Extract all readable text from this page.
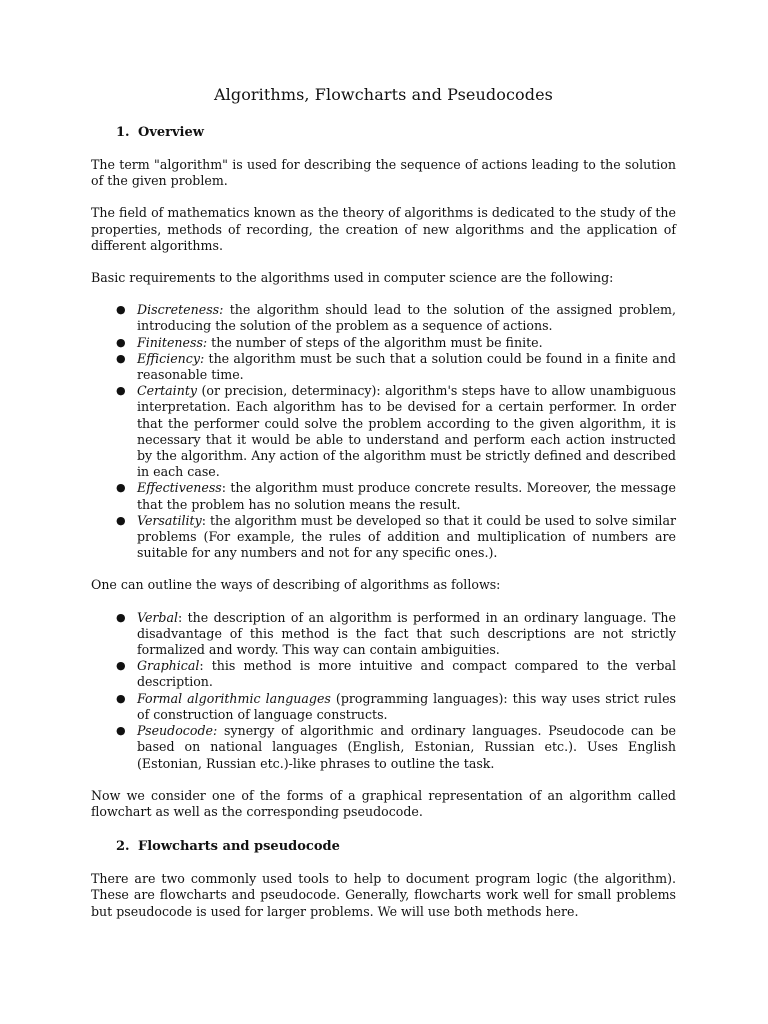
Algorithms, Flowcharts and Pseudocodes
1. Overview

The term "algorithm" is used for describing the sequence of actions leading to the solution of the given problem.

The field of mathematics known as the theory of algorithms is dedicated to the study of the properties, methods of recording, the creation of new algorithms and the application of different algorithms.

Basic requirements to the algorithms used in computer science are the following:

● Discreteness: the algorithm should lead to the solution of the assigned problem, introducing the solution of the problem as a sequence of actions.
● Finiteness: the number of steps of the algorithm must be finite.
● Efficiency: the algorithm must be such that a solution could be found in a finite and reasonable time.
● Certainty (or precision, determinacy): algorithm's steps have to allow unambiguous interpretation. Each algorithm has to be devised for a certain performer. In order that the performer could solve the problem according to the given algorithm, it is necessary that it would be able to understand and perform each action instructed by the algorithm. Any action of the algorithm must be strictly defined and described in each case.
● Effectiveness: the algorithm must produce concrete results. Moreover, the message that the problem has no solution means the result.
● Versatility: the algorithm must be developed so that it could be used to solve similar problems (For example, the rules of addition and multiplication of numbers are suitable for any numbers and not for any specific ones.).

One can outline the ways of describing of algorithms as follows:

● Verbal: the description of an algorithm is performed in an ordinary language. The disadvantage of this method is the fact that such descriptions are not strictly formalized and wordy. This way can contain ambiguities.
● Graphical: this method is more intuitive and compact compared to the verbal description.
● Formal algorithmic languages (programming languages): this way uses strict rules of construction of language constructs.
● Pseudocode: synergy of algorithmic and ordinary languages. Pseudocode can be based on national languages (English, Estonian, Russian etc.). Uses English (Estonian, Russian etc.)-like phrases to outline the task.

Now we consider one of the forms of a graphical representation of an algorithm called flowchart as well as the corresponding pseudocode.

2. Flowcharts and pseudocode

There are two commonly used tools to help to document program logic (the algorithm). These are flowcharts and pseudocode. Generally, flowcharts work well for small problems but pseudocode is used for larger problems. We will use both methods here.
